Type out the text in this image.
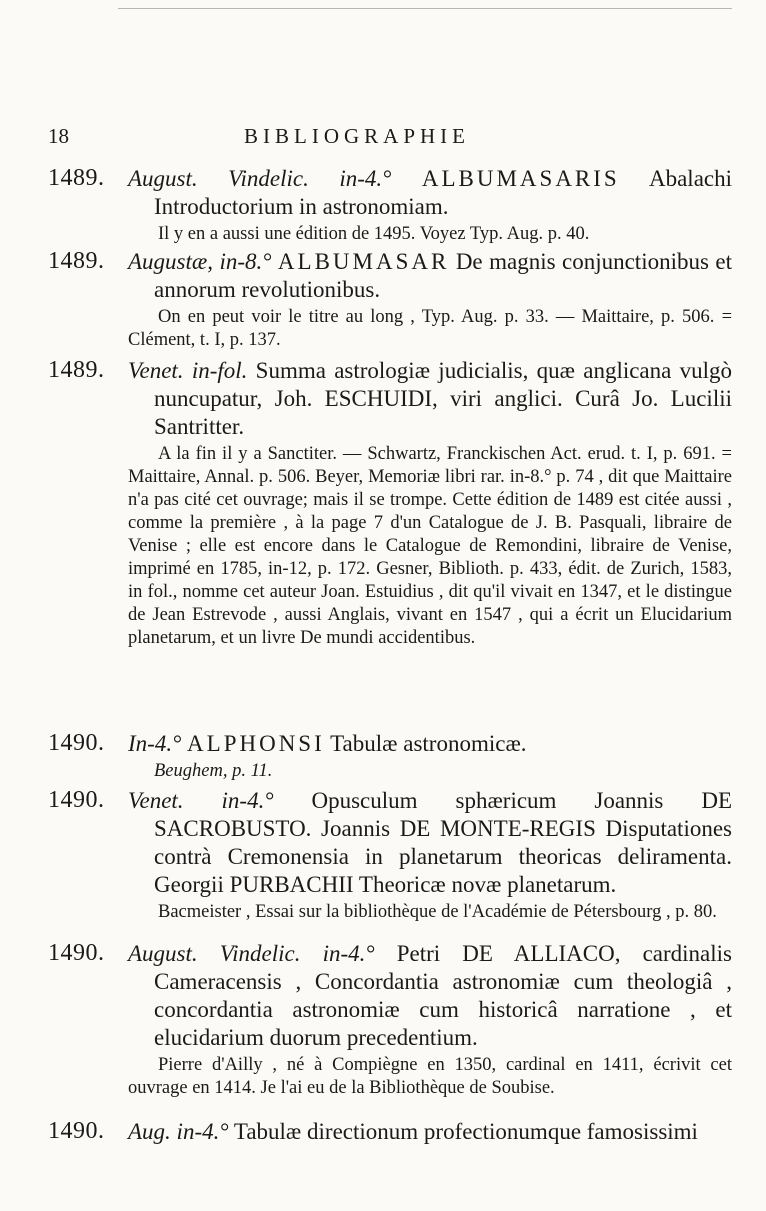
18	BIBLIOGRAPHIE
1489. August. Vindelic. in-4.° ALBUMASARIS Abalachi Introductorium in astronomiam.

Il y en a aussi une édition de 1495. Voyez Typ. Aug. p. 40.

1489. Augustæ, in-8.° ALBUMASAR De magnis conjunctionibus et annorum revolutionibus.

On en peut voir le titre au long , Typ. Aug. p. 33. — Maittaire, p. 506. = Clément, t. I, p. 137.

1489. Venet. in-fol. Summa astrologiæ judicialis, quæ anglicana vulgò nuncupatur, Joh. ESCHUIDI, viri anglici. Curâ Jo. Lucilii Santritter.

A la fin il y a Sanctiter. — Schwartz, Franckischen Act. erud. t. I, p. 691. = Maittaire, Annal. p. 506. Beyer, Memoriæ libri rar. in-8.° p. 74 , dit que Maittaire n'a pas cité cet ouvrage; mais il se trompe. Cette édition de 1489 est citée aussi , comme la première , à la page 7 d'un Catalogue de J. B. Pasquali, libraire de Venise ; elle est encore dans le Catalogue de Remondini, libraire de Venise, imprimé en 1785, in-12, p. 172. Gesner, Biblioth. p. 433, édit. de Zurich, 1583, in fol., nomme cet auteur Joan. Estuidius , dit qu'il vivait en 1347, et le distingue de Jean Estrevode , aussi Anglais, vivant en 1547 , qui a écrit un Elucidarium planetarum, et un livre De mundi accidentibus.

1490. In-4.° ALPHONSI Tabulæ astronomicæ.

Beughem, p. 11.

1490. Venet. in-4.° Opusculum sphæricum Joannis DE SACROBUSTO. Joannis DE MONTE-REGIS Disputationes contrà Cremonensia in planetarum theoricas deliramenta. Georgii PURBACHII Theoricæ novæ planetarum.

Bacmeister , Essai sur la bibliothèque de l'Académie de Pétersbourg , p. 80.

1490. August. Vindelic. in-4.° Petri DE ALLIACO, cardinalis Cameracensis , Concordantia astronomiæ cum theologiâ , concordantia astronomiæ cum historicâ narratione , et elucidarium duorum precedentium.

Pierre d'Ailly , né à Compiègne en 1350, cardinal en 1411, écrivit cet ouvrage en 1414. Je l'ai eu de la Bibliothèque de Soubise.

1490. Aug. in-4.° Tabulæ directionum profectionumque famosissimi
